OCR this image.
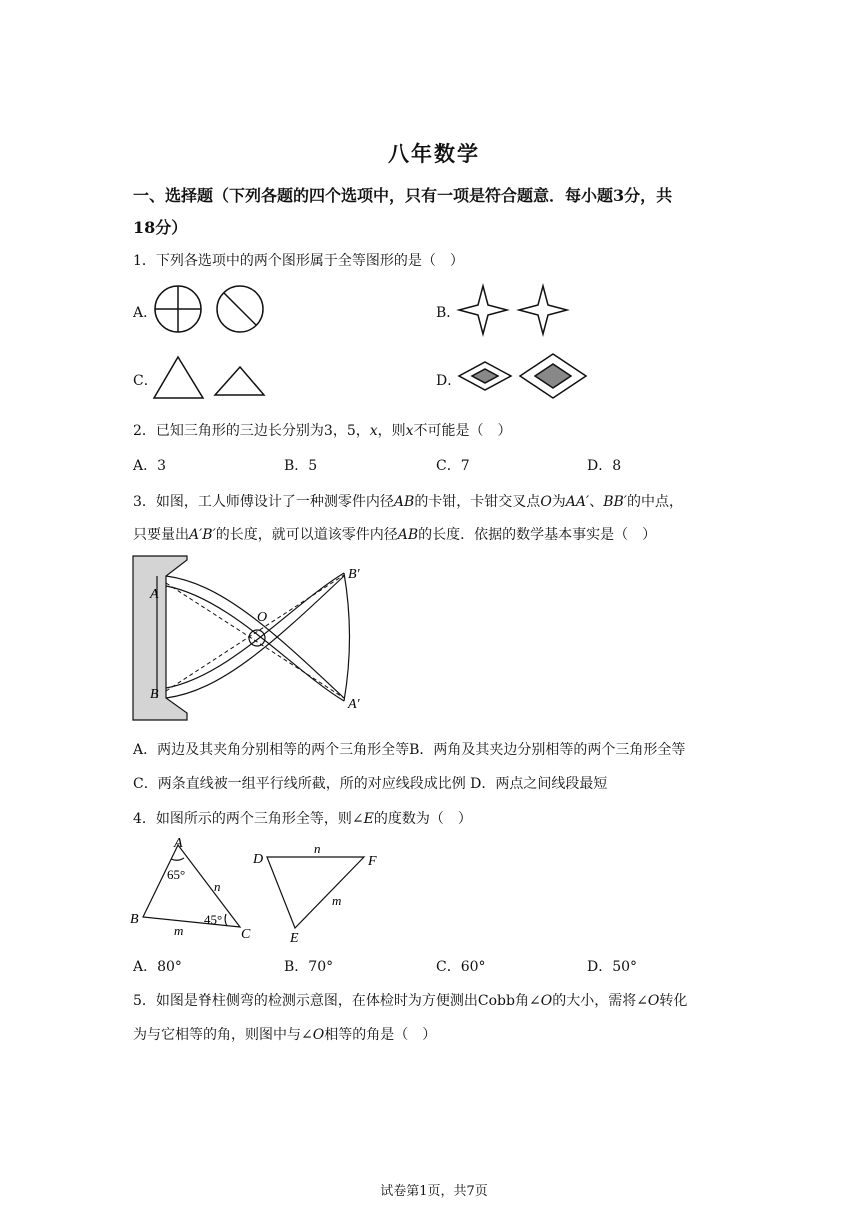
八年数学
一、选择题（下列各题的四个选项中，只有一项是符合题意．每小题3分，共
18分）
1．下列各选项中的两个图形属于全等图形的是（　）
A．	B．
C．	D．
2．已知三角形的三边长分别为3，5，x，则x不可能是（　）
A．3	B．5	C．7	D．8
3．如图，工人师傅设计了一种测零件内径AB的卡钳，卡钳交叉点O为AA′、BB′的中点，
只要量出A′B′的长度，就可以道该零件内径AB的长度．依据的数学基本事实是（　）
A
B
O
B′
A′
A．两边及其夹角分别相等的两个三角形全等B．两角及其夹边分别相等的两个三角形全等
C．两条直线被一组平行线所截，所的对应线段成比例 D．两点之间线段最短
4．如图所示的两个三角形全等，则∠E的度数为（　）
A
B
C
65°
45°
n
m
D	F
E
n
m
A．80°	B．70°	C．60°	D．50°
5．如图是脊柱侧弯的检测示意图，在体检时为方便测出Cobb角∠O的大小，需将∠O转化
为与它相等的角，则图中与∠O相等的角是（　）
试卷第1页，共7页
